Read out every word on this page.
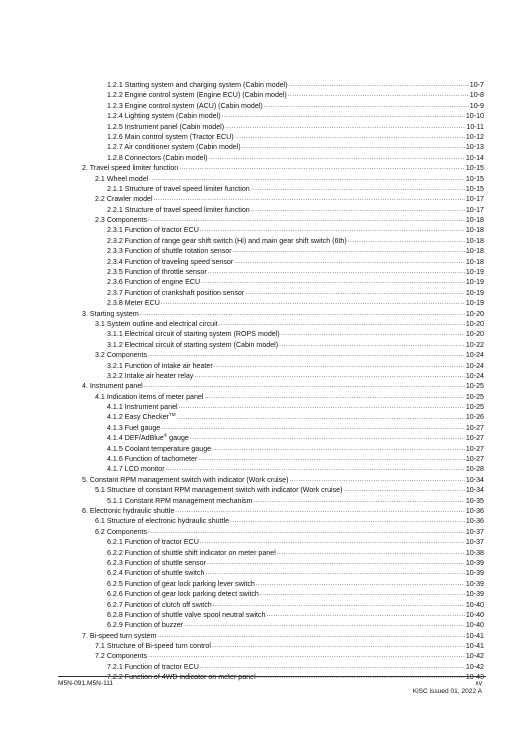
1.2.1 Starting system and charging system (Cabin model) .....	10-7
1.2.2 Engine control system (Engine ECU) (Cabin model) .....	10-8
1.2.3 Engine control system (ACU) (Cabin model) .....	10-9
1.2.4 Lighting system (Cabin model) .....	10-10
1.2.5 Instrument panel (Cabin model) .....	10-11
1.2.6 Main control system (Tractor ECU) .....	10-12
1.2.7 Air conditioner system (Cabin model) .....	10-13
1.2.8 Connectors (Cabin model) .....	10-14
2. Travel speed limiter function .....	10-15
2.1 Wheel model .....	10-15
2.1.1 Structure of travel speed limiter function .....	10-15
2.2 Crawler model .....	10-17
2.2.1 Structure of travel speed limiter function .....	10-17
2.3 Components .....	10-18
2.3.1 Function of tractor ECU .....	10-18
2.3.2 Function of range gear shift switch (Hi) and main gear shift switch (6th) .....	10-18
2.3.3 Function of shuttle rotation sensor .....	10-18
2.3.4 Function of traveling speed sensor .....	10-18
2.3.5 Function of throttle sensor .....	10-19
2.3.6 Function of engine ECU .....	10-19
2.3.7 Function of crankshaft position sensor .....	10-19
2.3.8 Meter ECU .....	10-19
3. Starting system .....	10-20
3.1 System outline and electrical circuit .....	10-20
3.1.1 Electrical circuit of starting system (ROPS model) .....	10-20
3.1.2 Electrical circuit of starting system (Cabin model) .....	10-22
3.2 Components .....	10-24
3.2.1 Function of intake air heater .....	10-24
3.2.2 Intake air heater relay .....	10-24
4. Instrument panel .....	10-25
4.1 Indication items of meter panel .....	10-25
4.1.1 Instrument panel .....	10-25
4.1.2 Easy Checker™ .....	10-26
4.1.3 Fuel gauge .....	10-27
4.1.4 DEF/AdBlue® gauge .....	10-27
4.1.5 Coolant temperature gauge .....	10-27
4.1.6 Function of tachometer .....	10-27
4.1.7 LCD monitor .....	10-28
5. Constant RPM management switch with indicator (Work cruise) .....	10-34
5.1 Structure of constant RPM management switch with indicator (Work cruise) .....	10-34
5.1.1 Constant RPM management mechanism .....	10-35
6. Electronic hydraulic shuttle .....	10-36
6.1 Structure of electronic hydraulic shuttle .....	10-36
6.2 Components .....	10-37
6.2.1 Function of tractor ECU .....	10-37
6.2.2 Function of shuttle shift indicator on meter panel .....	10-38
6.2.3 Function of shuttle sensor .....	10-39
6.2.4 Function of shuttle switch .....	10-39
6.2.5 Function of gear lock parking lever switch .....	10-39
6.2.6 Function of gear lock parking detect switch .....	10-39
6.2.7 Function of clutch off switch .....	10-40
6.2.8 Function of shuttle valve spool neutral switch .....	10-40
6.2.9 Function of buzzer .....	10-40
7. Bi-speed turn system .....	10-41
7.1 Structure of Bi-speed turn control .....	10-41
7.2 Components .....	10-42
7.2.1 Function of tractor ECU .....	10-42
7.2.2 Function of 4WD indicator on meter panel .....	10-43
M5N-091,M5N-111	xv
KiSC issued 01, 2022 A
